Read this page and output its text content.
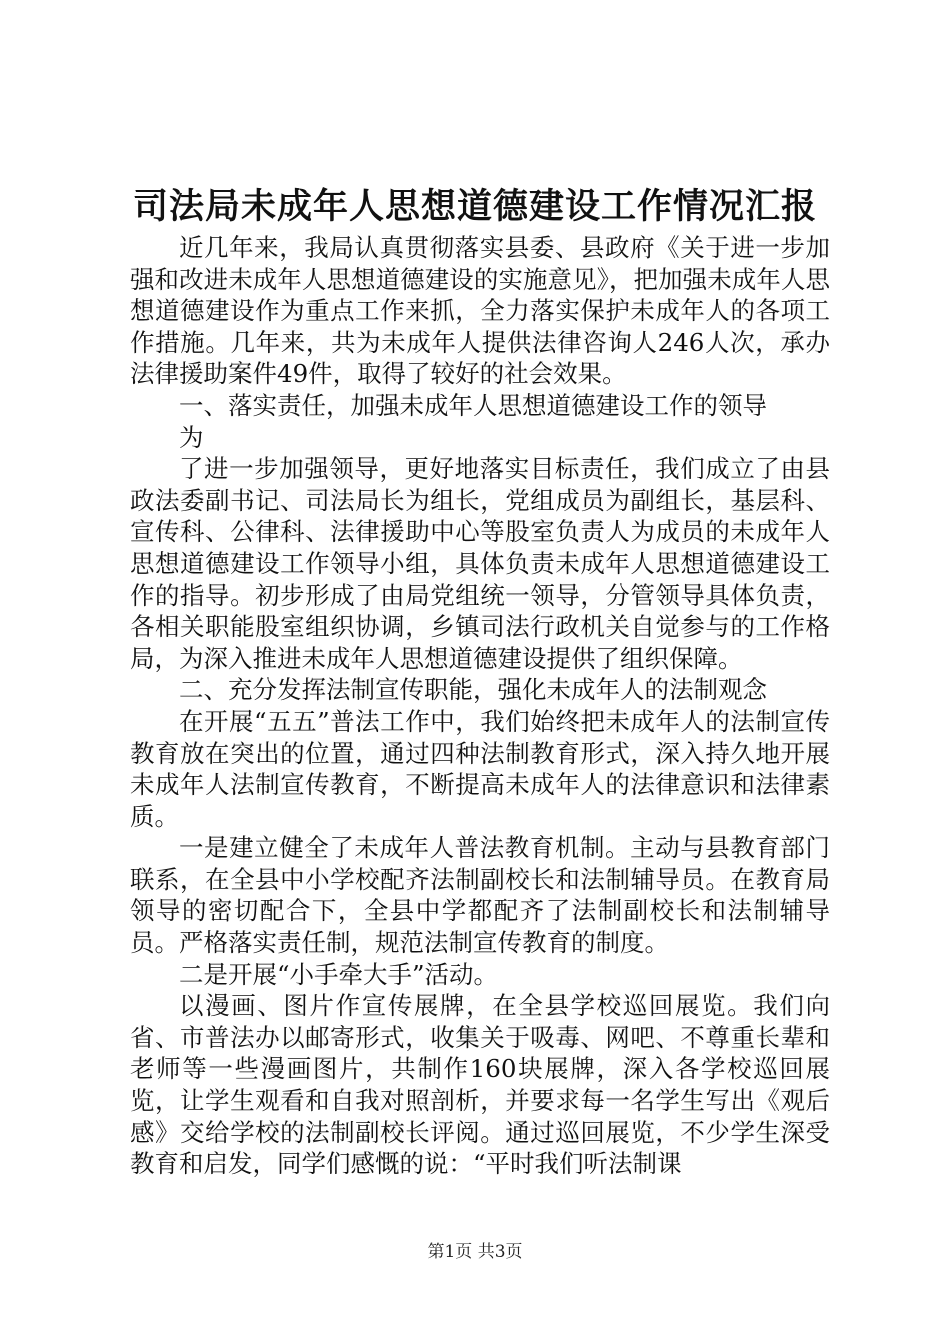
司法局未成年人思想道德建设工作情况汇报

近几年来，我局认真贯彻落实县委、县政府《关于进一步加强和改进未成年人思想道德建设的实施意见》，把加强未成年人思想道德建设作为重点工作来抓，全力落实保护未成年人的各项工作措施。几年来，共为未成年人提供法律咨询人246人次，承办法律援助案件49件，取得了较好的社会效果。

一、落实责任，加强未成年人思想道德建设工作的领导

为

了进一步加强领导，更好地落实目标责任，我们成立了由县政法委副书记、司法局长为组长，党组成员为副组长，基层科、宣传科、公律科、法律援助中心等股室负责人为成员的未成年人思想道德建设工作领导小组，具体负责未成年人思想道德建设工作的指导。初步形成了由局党组统一领导，分管领导具体负责，各相关职能股室组织协调，乡镇司法行政机关自觉参与的工作格局，为深入推进未成年人思想道德建设提供了组织保障。

二、充分发挥法制宣传职能，强化未成年人的法制观念

在开展“五五”普法工作中，我们始终把未成年人的法制宣传教育放在突出的位置，通过四种法制教育形式，深入持久地开展未成年人法制宣传教育，不断提高未成年人的法律意识和法律素质。

一是建立健全了未成年人普法教育机制。主动与县教育部门联系，在全县中小学校配齐法制副校长和法制辅导员。在教育局领导的密切配合下，全县中学都配齐了法制副校长和法制辅导员。严格落实责任制，规范法制宣传教育的制度。

二是开展“小手牵大手”活动。

以漫画、图片作宣传展牌，在全县学校巡回展览。我们向省、市普法办以邮寄形式，收集关于吸毒、网吧、不尊重长辈和老师等一些漫画图片，共制作160块展牌，深入各学校巡回展览，让学生观看和自我对照剖析，并要求每一名学生写出《观后感》交给学校的法制副校长评阅。通过巡回展览，不少学生深受教育和启发，同学们感慨的说：“平时我们听法制课

第1页 共3页
